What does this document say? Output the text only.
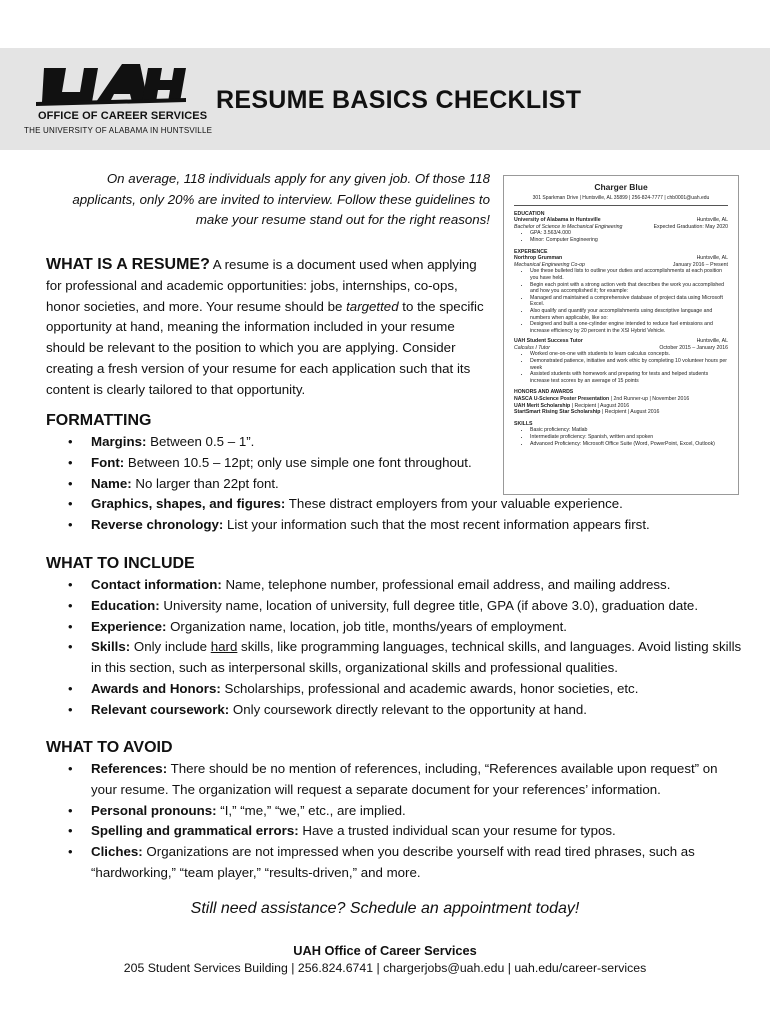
OFFICE OF CAREER SERVICES
THE UNIVERSITY OF ALABAMA IN HUNTSVILLE
RESUME BASICS CHECKLIST
On average, 118 individuals apply for any given job. Of those 118 applicants, only 20% are invited to interview. Follow these guidelines to make your resume stand out for the right reasons!
Charger Blue
301 Sparkman Drive | Huntsville, AL 35899 | 256-824-7777 | chb0001@uah.edu
EDUCATION
University of Alabama in Huntsville	Huntsville, AL
Bachelor of Science in Mechanical Engineering	Expected Graduation: May 2020
• GPA: 3.563/4.000
• Minor: Computer Engineering
EXPERIENCE
Northrop Grumman	Huntsville, AL
Mechanical Engineering Co-op	January 2016 – Present
• Use these bulleted lists to outline your duties and accomplishments at each position you have held.
• Begin each point with a strong action verb that describes the work you accomplished and how you accomplished it; for example:
• Managed and maintained a comprehensive database of project data using Microsoft Excel.
• Also qualify and quantify your accomplishments using descriptive language and numbers when applicable, like so:
• Designed and built a one-cylinder engine intended to reduce fuel emissions and increase efficiency by 20 percent in the XSI Hybrid Vehicle.
UAH Student Success Tutor	Huntsville, AL
Calculus I Tutor	October 2015 – January 2016
• Worked one-on-one with students to learn calculus concepts.
• Demonstrated patience, initiative and work ethic by completing 10 volunteer hours per week
• Assisted students with homework and preparing for tests and helped students increase test scores by an average of 15 points
HONORS AND AWARDS
NASCA U-Science Poster Presentation | 2nd Runner-up | November 2016
UAH Merit Scholarship | Recipient | August 2016
StartSmart Rising Star Scholarship | Recipient | August 2016
SKILLS
• Basic proficiency: Matlab
• Intermediate proficiency: Spanish, written and spoken
• Advanced Proficiency: Microsoft Office Suite (Word, PowerPoint, Excel, Outlook)
WHAT IS A RESUME? A resume is a document used when applying for professional and academic opportunities: jobs, internships, co-ops, honor societies, and more. Your resume should be targetted to the specific opportunity at hand, meaning the information included in your resume should be relevant to the position to which you are applying. Consider creating a fresh version of your resume for each application such that its content is clearly tailored to that opportunity.
FORMATTING
• Margins: Between 0.5 – 1”.
• Font: Between 10.5 – 12pt; only use simple one font throughout.
• Name: No larger than 22pt font.
• Graphics, shapes, and figures: These distract employers from your valuable experience.
• Reverse chronology: List your information such that the most recent information appears first.
WHAT TO INCLUDE
• Contact information: Name, telephone number, professional email address, and mailing address.
• Education: University name, location of university, full degree title, GPA (if above 3.0), graduation date.
• Experience: Organization name, location, job title, months/years of employment.
• Skills: Only include hard skills, like programming languages, technical skills, and languages. Avoid listing skills in this section, such as interpersonal skills, organizational skills and professional qualities.
• Awards and Honors: Scholarships, professional and academic awards, honor societies, etc.
• Relevant coursework: Only coursework directly relevant to the opportunity at hand.
WHAT TO AVOID
• References: There should be no mention of references, including, “References available upon request” on your resume. The organization will request a separate document for your references’ information.
• Personal pronouns: “I,” “me,” “we,” etc., are implied.
• Spelling and grammatical errors: Have a trusted individual scan your resume for typos.
• Cliches: Organizations are not impressed when you describe yourself with read tired phrases, such as “hardworking,” “team player,” “results-driven,” and more.
Still need assistance? Schedule an appointment today!
UAH Office of Career Services
205 Student Services Building | 256.824.6741 | chargerjobs@uah.edu | uah.edu/career-services
